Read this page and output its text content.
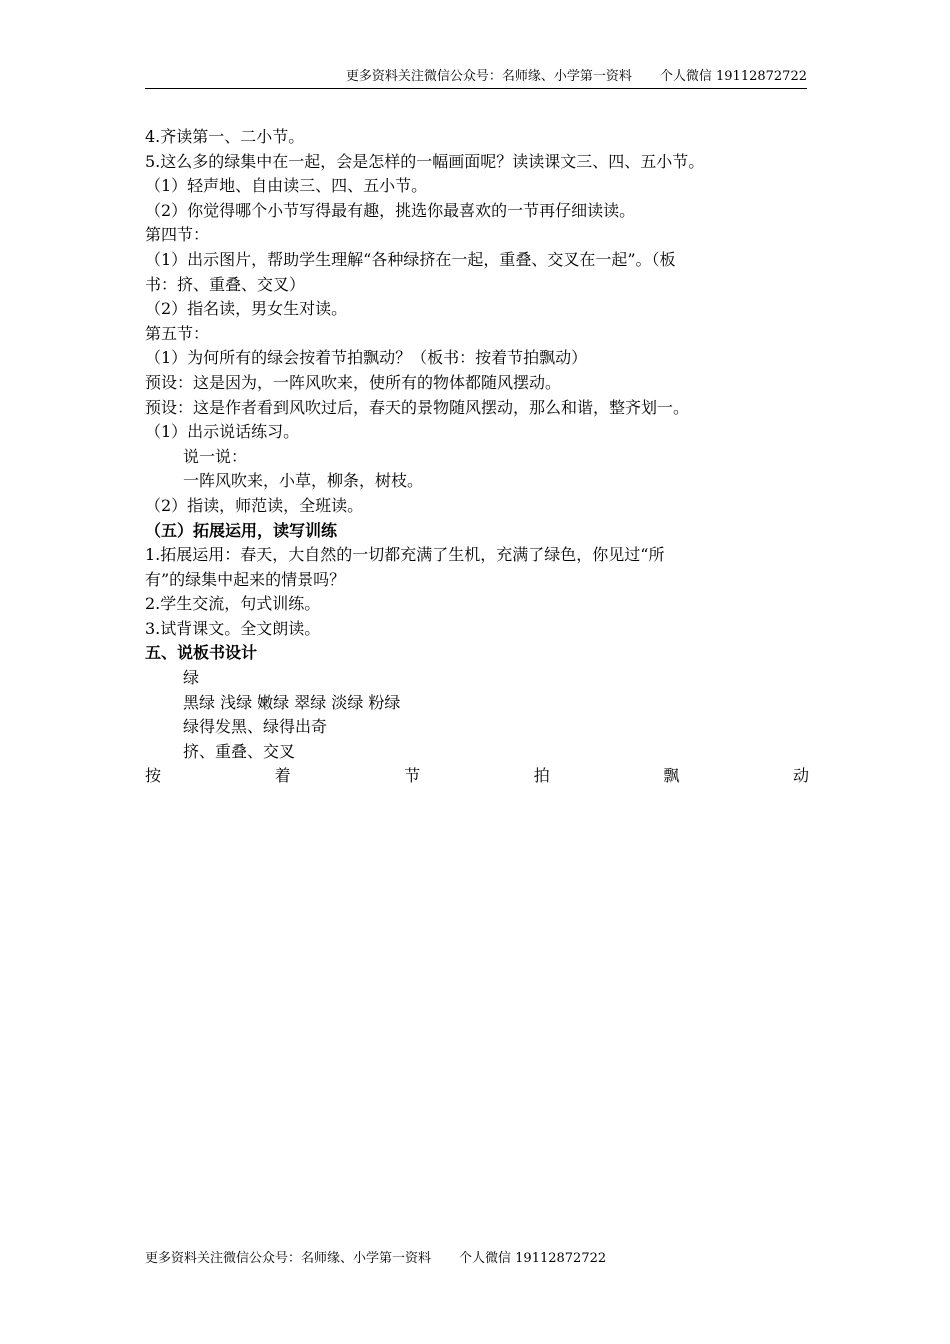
更多资料关注微信公众号：名师缘、小学第一资料 个人微信 19112872722
4.齐读第一、二小节。
5.这么多的绿集中在一起，会是怎样的一幅画面呢？读读课文三、四、五小节。
（1）轻声地、自由读三、四、五小节。
（2）你觉得哪个小节写得最有趣，挑选你最喜欢的一节再仔细读读。
第四节：
（1）出示图片，帮助学生理解“各种绿挤在一起，重叠、交叉在一起”。（板
书：挤、重叠、交叉）
（2）指名读，男女生对读。
第五节：
（1）为何所有的绿会按着节拍飘动？（板书：按着节拍飘动）
预设：这是因为，一阵风吹来，使所有的物体都随风摆动。
预设：这是作者看到风吹过后，春天的景物随风摆动，那么和谐，整齐划一。
（1）出示说话练习。
说一说：
一阵风吹来，小草，柳条，树枝。
（2）指读，师范读，全班读。
（五）拓展运用，读写训练
1.拓展运用：春天，大自然的一切都充满了生机，充满了绿色，你见过“所
有”的绿集中起来的情景吗？
2.学生交流，句式训练。
3.试背课文。全文朗读。
五、说板书设计
绿
黑绿 浅绿 嫩绿 翠绿 淡绿 粉绿
绿得发黑、绿得出奇
挤、重叠、交叉
按	着	节	拍	飘	动
更多资料关注微信公众号：名师缘、小学第一资料 个人微信 19112872722
